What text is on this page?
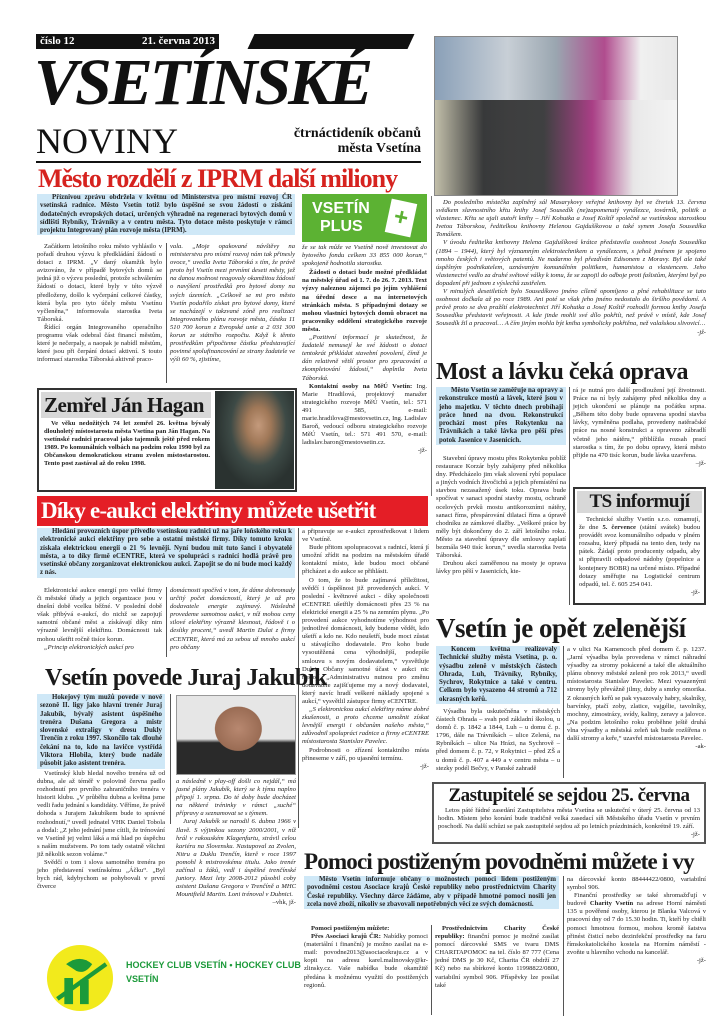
číslo 12	21. června 2013
VSETÍNSKÉ
NOVINY	čtrnáctideník občanů
města Vsetína
Město rozdělí z IPRM další miliony

Příznivou zprávu obdržela v květnu od Ministerstva pro místní rozvoj ČR vsetínská radnice. Město Vsetín totiž bylo úspěšné se svou žádostí o získání dodatečných evropských dotací, určených výhradně na regeneraci bytových domů v sídlišti Rybníky, Trávníky a v centru města. Tyto dotace město poskytuje v rámci projektu Integrovaný plán rozvoje města (IPRM).

Začátkem letošního roku město vyhlásilo v pořadí druhou výzvu k předkládání žádostí o dotaci z IPRM. „V daný okamžik bylo avizováno, že v případě bytových domů se jedná již o výzvu poslední, protože schválením žádostí o dotaci, které byly v této výzvě předloženy, došlo k vyčerpání celkové částky, která byla pro tyto účely městu Vsetínu vyčleněna,“ informovala starostka Iveta Táborská.

Řídící orgán Integrovaného operačního programu však odebral část financí městům, které je nečerpaly, a naopak je nabídl městům, které jsou při čerpání dotací aktivní. S touto informací starostka Táborská aktivně praco-

vala. „Moje opakované návštěvy na ministerstvu pro místní rozvoj nám tak přinesly ovoce,“ uvedla Iveta Táborská s tím, že právě proto byl Vsetín mezi prvními deseti městy, jež na danou možnost reagovaly okamžitou žádostí o navýšení prostředků pro bytové domy na svých územích. „Celkově se mi pro město Vsetín podařilo získat pro bytové domy, které se nacházejí v takzvané zóně pro realizaci Integrovaného plánu rozvoje města, částku 11 510 700 korun z Evropské unie a 2 031 300 korun ze státního rozpočtu. Když k těmto prostředkům připočteme částku představující povinné spolufinancování ze strany žadatele ve výši 60 %, zjistíme,
VSETÍN
PLUS +

že se tak může ve Vsetíně nově investovat do bytového fondu celkem 33 855 000 korun,“ spokojeně hodnotila starostka.

Žádosti o dotaci bude možné předkládat na městský úřad od 1. 7. do 26. 7. 2013. Text výzvy naleznou zájemci po jejím vyhlášení na úřední desce a na internetových stránkách města. S případnými dotazy se mohou vlastníci bytových domů obracet na pracovníky oddělení strategického rozvoje města.

„Pozitivní informací je skutečnost, že žadatelé nemusejí ke své žádosti o dotaci tentokrát přikládat stavební povolení, čímž je dán relativně větší prostor pro zpracování a zkompletování žádostí,“ doplnila Iveta Táborská.

Kontaktní osoby na MěÚ Vsetín: Ing. Marie Hradilová, projektový manažer strategického rozvoje MěÚ Vsetín, tel.: 571 491 585, e-mail: marie.hradilova@mestovsetin.cz, Ing. Ladislav Baroň, vedoucí odboru strategického rozvoje MěÚ Vsetín, tel.: 571 491 570, e-mail: ladislav.baron@mestovsetin.cz.

-jž-

Do posledního místečka zaplněný sál Masarykovy veřejné knihovny byl ve čtvrtek 13. června svědkem slavnostního křtu knihy Josef Sousedík (ne)zapomenutý vynálezce, továrník, politik a vlastenec. Křtu se ujali autoři knihy – Jiří Kohutka a Josef Koštíř společně se vsetínskou starostkou Ivetou Táborskou, ředitelkou knihovny Helenou Gajdušíkovou a také synem Josefa Sousedíka Tomášem.

V úvodu ředitelka knihovny Helena Gajdušíková krátce představila osobnost Josefa Sousedíka (1894 – 1944), který byl významným elektrotechnikem a vynálezcem, s jehož jménem je spojeno mnoho českých i světových patentů. Ne nadarmo byl přezdíván Edisonem z Moravy. Byl ale také úspěšným podnikatelem, uznávaným komunálním politikem, humanistou a vlastencem. Jeho vlastenectví vedlo za druhé světové války k tomu, že se zapojil do odboje proti fašistům, kterými byl po dopadení při jednom z výslechů zastřelen.

V minulých desetiletích bylo Sousedíkovo jméno cíleně opomíjeno a plné rehabilitace se tato osobnost dočkala až po roce 1989. Ani poté se však jeho jméno nedostalo do širšího povědomí. A právě proto se dva pražští elektrotechnici Jiří Kohutka a Josef Koštíř rozhodli formou knihy Josefa Sousedíka představit veřejnosti. A kde jinde mohli své dílo pokřtít, než právě v místě, kde Josef Sousedík žil a pracoval… A čím jiným mohla být kniha symbolicky pokřtěna, než valašskou slivovicí…

-jž-
Zemřel Ján Hagan

Ve věku nedožitých 74 let zemřel 26. května bývalý dlouholetý místostarosta města Vsetína pan Ján Hagan. Na vsetínské radnici pracoval jako tajemník ještě před rokem 1989. Po komunálních volbách na podzim roku 1990 byl za Občanskou demokratickou stranu zvolen místostarostou. Tento post zastával až do roku 1998.

Díky e-aukci elektřiny můžete ušetřit

Hledání provozních úspor přivedlo vsetínskou radnici už na jaře loňského roku k elektronické aukci elektřiny pro sebe a ostatní městské firmy. Díky tomuto kroku získala elektrickou energii o 21 % levněji. Nyní budou mít tuto šanci i obyvatelé města, a to díky firmě eCENTRE, která ve spolupráci s radnicí hodlá právě pro vsetínské občany zorganizovat elektronickou aukci. Zapojit se do ní bude moci každý z nás.

Elektronické aukce energií pro velké firmy či městské úřady a jejich organizace jsou v dnešní době vcelku běžné. V poslední době však přibývá e-aukcí, do nichž se zapojují samotní občané měst a získávají díky nim výrazně levnější elektřinu. Domácnosti tak mohou ušetřit ročně tisíce korun.

„Princip elektronických aukcí pro

domácnosti spočívá v tom, že dáme dohromady určitý počet domácností, který je už pro dodavatele energie zajímavý. Následně provedeme samotnou aukci, v níž mohou ceny silové elektřiny výrazně klesnout, řádově i o desítky procent,“ uvedl Martin Dulai z firmy eCENTRE, která má za sebou už mnoho aukcí pro občany

a připravuje se e-aukci zprostředkovat i lidem ve Vsetíně.

Bude přitom spolupracovat s radnicí, která jí umožní zřídit na podzim na městském úřadě kontaktní místo, kde budou moci občané přicházet a do aukce se přihlásit.

O tom, že to bude zajímavá příležitost, svědčí i úspěšnost již provedených aukcí. V poslední - květnové aukci - díky společnosti eCENTRE ušetřily domácnosti přes 23 % na elektrické energii a 25 % na zemním plynu. „Po provedení aukce vyhodnotíme výhodnost pro jednotlivé domácnosti, kdy budeme vědět, kdo ušetří a kdo ne. Kdo neušetří, bude moci zůstat u stávajícího dodavatele. Pro koho bude vysoutěžená cena výhodnější, podepíše smlouvu s novým dodavatelem,“ vysvětluje Dulai. Občany samotné účast v aukci nic nestojí. „Administrativu nutnou pro změnu dodavatele zajišťujeme my a nový dodavatel, který navíc hradí veškeré náklady spojené s aukcí,“ vysvětlil zástupce firmy eCENTRE.

„S elektronickou aukcí elektřiny máme dobré zkušenosti, a proto chceme umožnit získat levnější energii i občanům našeho města,“ zdůvodnil spolupráci radnice a firmy eCENTRE místostarosta Stanislav Pavelec.

Podrobnosti o zřízení kontaktního místa přineseme v září, po ujasnění termínu.

-jž-
Most a lávku čeká oprava

Město Vsetín se zaměřuje na opravy a rekonstrukce mostů a lávek, které jsou v jeho majetku. V těchto dnech probíhají práce hned na dvou. Rekonstrukcí prochází most přes Rokytenku na Trávníkách a také lávka pro pěší přes potok Jasenice v Jasenicích.

Stavební úpravy mostu přes Rokytenku poblíž restaurace Korzár byly zahájeny před několika dny. Předcházelo jim však slovení rybí populace a jiných vodních živočichů a jejich přemístění na stavbou nezasažený úsek toku. Oprava bude spočívat v sanaci spodní stavby mostu, ochraně ocelových prvků mostu antikorozními nátěry, sanaci říms, přespárování dilatací říms a úpravě chodníku ze zámkové dlažby. „Veškeré práce by měly být dokončeny do 2. září letošního roku. Město za stavební úpravy dle smlouvy zaplatí bezmála 940 tisíc korun,“ uvedla starostka Iveta Táborská.

Druhou akcí zaměřenou na mosty je oprava lávky pro pěší v Jasenicích, kte-

rá je nutná pro další prodloužení její životnosti. Práce na ní byly zahájeny před několika dny a jejich ukončení se plánuje na počátku srpna. „Během této doby bude opravena spodní stavba lávky, vyměněna podlaha, provedeny natěračské práce na nosné konstrukci a opraveno zábradlí včetně jeho nátěru,“ přiblížila rozsah prací starostka s tím, že po dobu opravy, která město přijde na 470 tisíc korun, bude lávka uzavřena.

–jž-
TS informují

Technické služby Vsetín s.r.o. oznamují, že dne 5. července (státní svátek) budou provádět svoz komunálního odpadu v plném rozsahu, který připadá na tento den, tedy na pátek. Žádají proto producenty odpadu, aby si připravili odpadové nádoby (popelnice a kontejnery BOBR) na určené místo. Případné dotazy směřujte na Logistické centrum odpadů, tel. č. 605 254 041.

-jž-
Vsetín povede Juraj Jakubík

Hokejový tým mužů povede v nové sezoně II. ligy jako hlavní trenér Juraj Jakubík, bývalý asistent úspěšného trenéra Dušana Gregora a mistr slovenské extraligy v dresu Dukly Trenčín z roku 1997. Skončilo tak dlouhé čekání na to, kdo na lavičce vystřídá Viktora Hlobila, který bude nadále působit jako asistent trenéra.

Vsetínský klub hledal nového trenéra už od dubna, ale až téměř v polovině června padlo rozhodnutí pro prvního zahraničního trenéra v historii klubu. „V průběhu dubna a května jsme vedli řadu jednání s kandidáty. Věříme, že právě dohoda s Jurajem Jakubíkem bude to správné rozhodnutí,“ uvedl jednatel VHK Daniel Tobola a dodal: „Z jeho jednání jsme cítili, že trénování ve Vsetíně jej velmi láká a má hlad po úspěchu s naším mužstvem. Po tom tady ostatně všichni již několik sezon voláme.“

Svědčí o tom i slova samotného trenéra po jeho představení vsetínskému „Áčku“. „Byl bych rád, kdybychom se pohybovali v první čtverce

a následně v play-off došli co nejdál,“ má jasné plány Jakubík, který se k týmu naplno připojí 1. srpna. Do té doby bude docházet na některé tréninky v rámci „suché“ přípravy a seznamovat se s týmem.

Juraj Jakubík se narodil 6. dubna 1966 v Ilavě. S výjimkou sezony 2000/2001, v níž hrál v rakouském Klagenfurtu, strávil celou kariéru na Slovensku. Nastupoval za Zvolen, Nitru a Duklu Trenčín, kterě v roce 1997 pomohl k mistrovskému titulu. Jako trenér začínal u žáků, vedl i úspěšné trenčínské juniory. Mezi lety 2008-2012 působil coby asistent Dušana Gregora v Trenčíně a MHC Mountfield Martin. Loni trénoval v Dubnici.

–vhk, jž-
HOCKEY CLUB VSETÍN • HOCKEY CLUB
VSETÍN
Vsetín je opět zelenější

Koncem května realizovaly Technické služby města Vsetína, p. o. výsadbu zeleně v městských částech Ohrada, Luh, Trávníky, Rybníky, Sychrov, Rokytnice a také v centru. Celkem bylo vysazeno 44 stromů a 712 okrasných keřů.

Výsadba byla uskutečněna v městských částech Ohrada – svah pod základní školou, u domů č. p. 1842 a 1844, Luh – u domu č. p. 1796, dále na Trávníkách – ulice Zelená, na Rybníkách – ulice Na Hrázi, na Sychrově – před domem č. p. 72, v Rokytnici – před ZŠ a u domů č. p. 407 a 449 a v centru města – u stezky podél Bečvy, v Panské zahradě

a v ulici Na Kamencoch před domem č. p. 1237. „Jarní výsadba byla provedena v rámci náhradní výsadby za stromy pokácené a také dle aktuálního plánu obnovy městské zeleně pro rok 2013,“ uvedl místostarosta Stanislav Pavelec. Mezi vysazenými stromy byly převážně jilmy, duby a smrky omorika. Z okrasných keřů se pak vysazovaly habry, skalníky, barvínky, ptačí zoby, zlatice, vajgélie, tavolníky, mochny, zimostrázy, svídy, kaliny, zeravy a jalovce. „Na podzim letošního roku proběhne ještě druhá vlna výsadby a městská zeleň tak bude rozšířena o další stromy a keře,“ uzavřel místostarosta Pavelec.

-ak-
Zastupitelé se sejdou 25. června

Letos páté řádné zasedání Zastupitelstva města Vsetína se uskuteční v úterý 25. června od 13 hodin. Místem jeho konání bude tradičně velká zasedací síň Městského úřadu Vsetín v prvním poschodí. Na další schůzi se pak zastupitelé sejdou až po letních prázdninách, konkrétně 19. září.

-jž-
Pomoci postiženým povodněmi můžete i vy

Město Vsetín informuje občany o možnostech pomoci lidem postiženým povodněmi cestou Asociace krajů České republiky nebo prostřednictvím Charity České republiky. Všechny dárce žádáme, aby v případě hmotné pomoci nosili jen zcela nové zboží, nikoliv se zbavovali nepotřebných věcí ze svých domácností.

Pomoci postiženým můžete:

Přes Asociaci krajů ČR: Nabídky pomoci (materiální i finanční) je možno zasílat na e-mail: povodne2013@asociacekraju.cz a v kopii na adresu karel.malinovsky@kr-zlinsky.cz. Vaše nabídka bude okamžitě předána k možnému využití do postižených regionů.

Prostřednictvím Charity České republiky: finanční pomoc je možné zasílat pomocí dárcovské SMS ve tvaru DMS CHARITAPOMOC na tel. číslo 87 777 (Cena jedné DMS je 30 Kč, Charita ČR obdrží 27 Kč) nebo na sbírkové konto 11998822/0800, variabilní symbol 906. Příspěvky lze posílat také

na dárcovské konto 88444422/0800, variabilní symbol 906.

Finanční prostředky se také shromažďují v budově Charity Vsetín na adrese Horní náměstí 135 u pověřené osoby, kterou je Blanka Valcová v pracovní dny od 7 do 15.30 hodin. Ti, kteří by chtěli pomoci hmotnou formou, mohou kromě šatstva přinést čisticí nebo dezinfekční prostředky na faru římskokatolického kostela na Horním náměstí - zvoňte u hlavního vchodu na kancelář.

-jž-
